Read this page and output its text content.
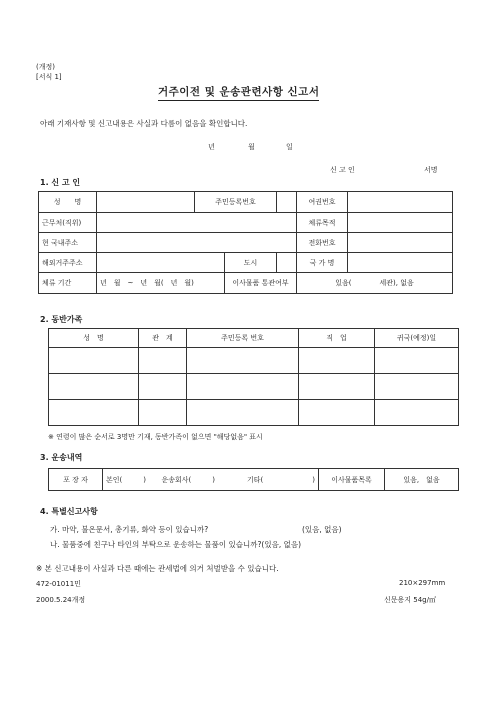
(개정)
[서식 1]
거주이전 및 운송관련사항 신고서
아래 기재사항 및 신고내용은 사실과 다름이 없음을 확인합니다.
년	월	일
신 고 인	서명
1. 신 고 인
성　　명		주민등록번호			여권번호	
근무처(직위)					체류목적	
현 국내주소					전화번호	
해외거주주소			도시		국 가 명	
체류 기간	년　월　~　년　월(　년　월)		이사물품 통관여부		있음(　　　　세관), 없음	
2. 동반가족
성　명	관　계	주민등록 번호	직　업	귀국(예정)일

※ 연령이 많은 순서로 3명만 기재, 동반가족이 없으면 "해당없음" 표시
3. 운송내역
포 장 자	본인(　　　)	운송회사(　　　)	기타(　　　　　　　)	이사물품목록	있음,　없음
4. 특별신고사항
가. 마약, 불온문서, 총기류, 화약 등이 있습니까?	(있음, 없음)
나. 물품중에 친구나 타인의 부탁으로 운송하는 물품이 있습니까?(있음, 없음)
※ 본 신고내용이 사실과 다른 때에는 관세법에 의거 처벌받을 수 있습니다.
472-01011민	210×297mm
2000.5.24개정	신문용지 54g/㎡
